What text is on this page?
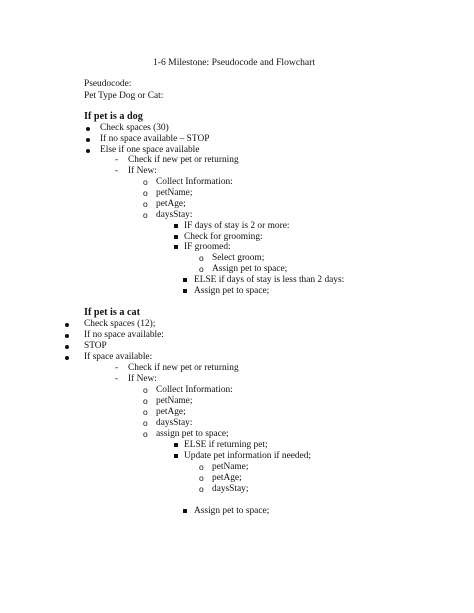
1-6 Milestone: Pseudocode and Flowchart
Pseudocode:
Pet Type Dog or Cat:
If pet is a dog
Check spaces (30)
If no space available – STOP
Else if one space available
- Check if new pet or returning
- If New:
o Collect Information:
o petName;
o petAge;
o daysStay:
IF days of stay is 2 or more:
Check for grooming:
IF groomed:
o Select groom;
o Assign pet to space;
ELSE if days of stay is less than 2 days:
Assign pet to space;
If pet is a cat
Check spaces (12);
If no space available:
STOP
If space available:
- Check if new pet or returning
- If New:
o Collect Information:
o petName;
o petAge;
o daysStay:
o assign pet to space;
ELSE if returning pet;
Update pet information if needed;
o petName;
o petAge;
o daysStay;
Assign pet to space;
